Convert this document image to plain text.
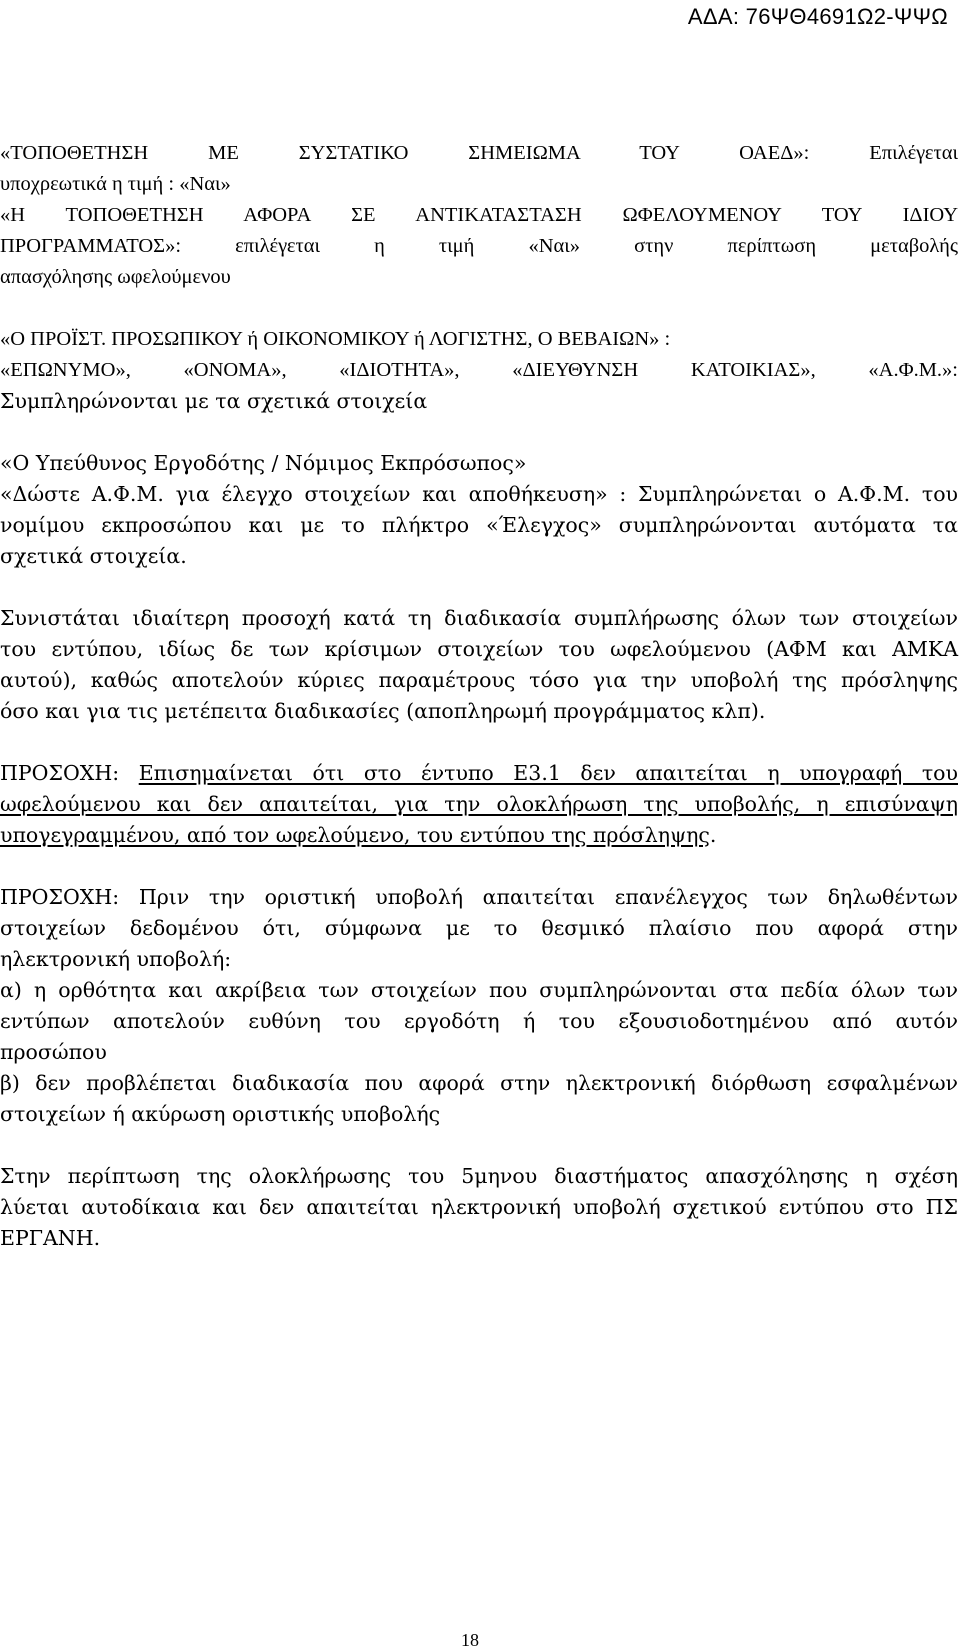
ΑΔΑ: 76ΨΘ4691Ω2-ΨΨΩ
«ΤΟΠΟΘΕΤΗΣΗ ΜΕ ΣΥΣΤΑΤΙΚΟ ΣΗΜΕΙΩΜΑ ΤΟΥ ΟΑΕΔ»: Επιλέγεται
υποχρεωτικά η τιμή : «Ναι»
«Η ΤΟΠΟΘΕΤΗΣΗ ΑΦΟΡΑ ΣΕ ΑΝΤΙΚΑΤΑΣΤΑΣΗ ΩΦΕΛΟΥΜΕΝΟΥ ΤΟΥ ΙΔΙΟΥ
ΠΡΟΓΡΑΜΜΑΤΟΣ»: επιλέγεται η τιμή «Ναι» στην περίπτωση μεταβολής
απασχόλησης ωφελούμενου
«Ο ΠΡΟΪΣΤ. ΠΡΟΣΩΠΙΚΟΥ ή ΟΙΚΟΝΟΜΙΚΟΥ ή ΛΟΓΙΣΤΗΣ, Ο ΒΕΒΑΙΩΝ» :
«ΕΠΩΝΥΜΟ», «ΟΝΟΜΑ», «ΙΔΙΟΤΗΤΑ», «ΔΙΕΥΘΥΝΣΗ ΚΑΤΟΙΚΙΑΣ», «Α.Φ.Μ.»:
Συμπληρώνονται με τα σχετικά στοιχεία
«Ο Υπεύθυνος Εργοδότης / Νόμιμος Εκπρόσωπος»
«Δώστε Α.Φ.Μ. για έλεγχο στοιχείων και αποθήκευση» : Συμπληρώνεται ο Α.Φ.Μ. του
νομίμου εκπροσώπου και με το πλήκτρο «Έλεγχος» συμπληρώνονται αυτόματα τα
σχετικά στοιχεία.
Συνιστάται ιδιαίτερη προσοχή κατά τη διαδικασία συμπλήρωσης όλων των στοιχείων
του εντύπου, ιδίως δε των κρίσιμων στοιχείων του ωφελούμενου (ΑΦΜ και ΑΜΚΑ
αυτού), καθώς αποτελούν κύριες παραμέτρους τόσο για την υποβολή της πρόσληψης
όσο και για τις μετέπειτα διαδικασίες (αποπληρωμή προγράμματος κλπ).
ΠΡΟΣΟΧΗ: Επισημαίνεται ότι στο έντυπο Ε3.1 δεν απαιτείται η υπογραφή του
ωφελούμενου και δεν απαιτείται, για την ολοκλήρωση της υποβολής, η επισύναψη
υπογεγραμμένου, από τον ωφελούμενο, του εντύπου της πρόσληψης.
ΠΡΟΣΟΧΗ: Πριν την οριστική υποβολή απαιτείται επανέλεγχος των δηλωθέντων
στοιχείων δεδομένου ότι, σύμφωνα με το θεσμικό πλαίσιο που αφορά στην
ηλεκτρονική υποβολή:
α) η ορθότητα και ακρίβεια των στοιχείων που συμπληρώνονται στα πεδία όλων των
εντύπων αποτελούν ευθύνη του εργοδότη ή του εξουσιοδοτημένου από αυτόν
προσώπου
β) δεν προβλέπεται διαδικασία που αφορά στην ηλεκτρονική διόρθωση εσφαλμένων
στοιχείων ή ακύρωση οριστικής υποβολής
Στην περίπτωση της ολοκλήρωσης του 5μηνου διαστήματος απασχόλησης η σχέση
λύεται αυτοδίκαια και δεν απαιτείται ηλεκτρονική υποβολή σχετικού εντύπου στο ΠΣ
ΕΡΓΑΝΗ.
18
